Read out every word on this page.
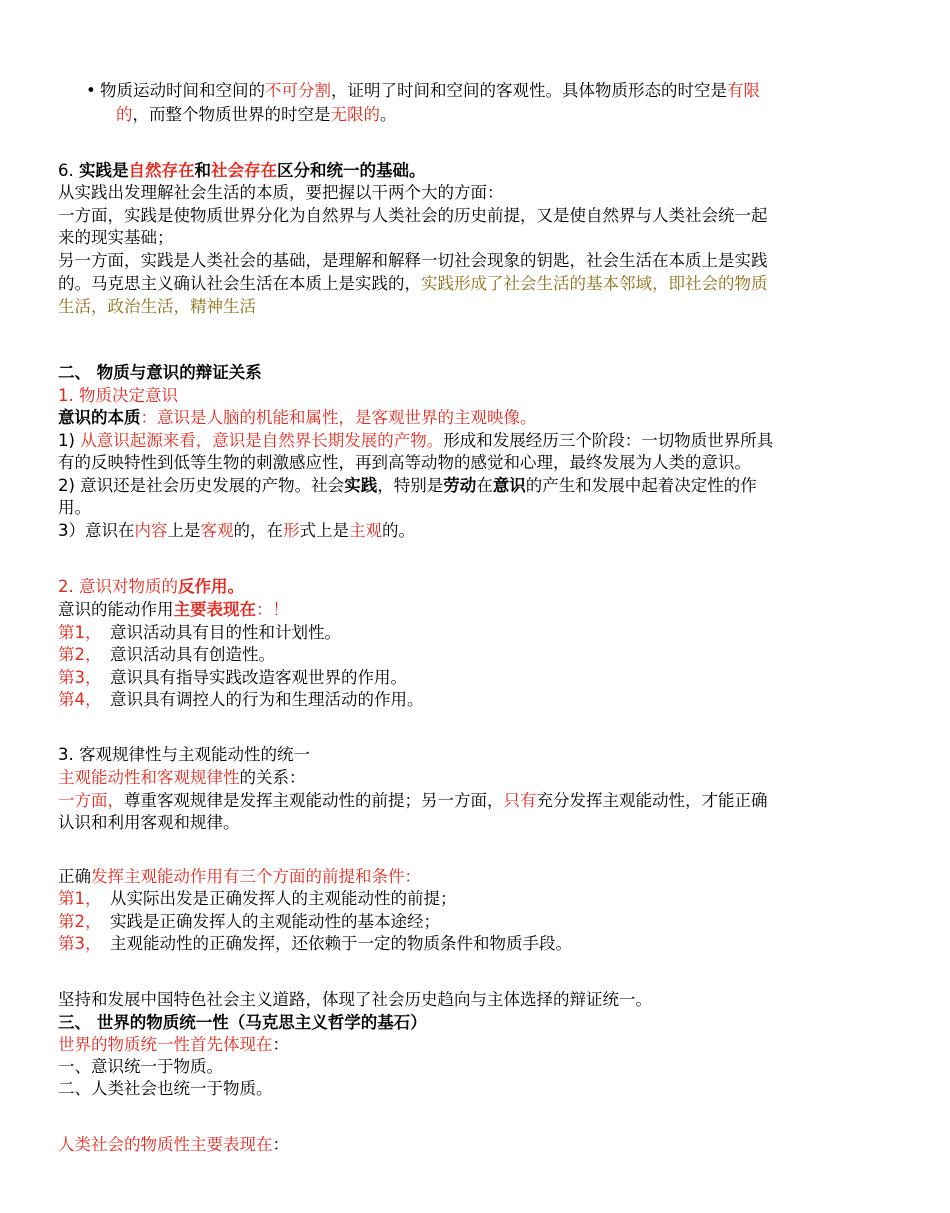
• 物质运动时间和空间的不可分割，证明了时间和空间的客观性。具体物质形态的时空是有限
的，而整个物质世界的时空是无限的。
6. 实践是自然存在和社会存在区分和统一的基础。
从实践出发理解社会生活的本质，要把握以干两个大的方面：
一方面，实践是使物质世界分化为自然界与人类社会的历史前提，又是使自然界与人类社会统一起
来的现实基础；
另一方面，实践是人类社会的基础，是理解和解释一切社会现象的钥匙，社会生活在本质上是实践
的。马克思主义确认社会生活在本质上是实践的，实践形成了社会生活的基本邻域，即社会的物质
生活，政治生活，精神生活
二、 物质与意识的辩证关系
1. 物质决定意识
意识的本质：意识是人脑的机能和属性，是客观世界的主观映像。
1) 从意识起源来看，意识是自然界长期发展的产物。形成和发展经历三个阶段：一切物质世界所具
有的反映特性到低等生物的刺激感应性，再到高等动物的感觉和心理，最终发展为人类的意识。
2) 意识还是社会历史发展的产物。社会实践，特别是劳动在意识的产生和发展中起着决定性的作
用。
3）意识在内容上是客观的，在形式上是主观的。
2. 意识对物质的反作用。
意识的能动作用主要表现在：！
第1， 意识活动具有目的性和计划性。
第2， 意识活动具有创造性。
第3， 意识具有指导实践改造客观世界的作用。
第4， 意识具有调控人的行为和生理活动的作用。
3. 客观规律性与主观能动性的统一
主观能动性和客观规律性的关系：
一方面，尊重客观规律是发挥主观能动性的前提；另一方面，只有充分发挥主观能动性，才能正确
认识和利用客观和规律。
正确发挥主观能动作用有三个方面的前提和条件：
第1， 从实际出发是正确发挥人的主观能动性的前提；
第2， 实践是正确发挥人的主观能动性的基本途经；
第3， 主观能动性的正确发挥，还依赖于一定的物质条件和物质手段。
坚持和发展中国特色社会主义道路，体现了社会历史趋向与主体选择的辩证统一。
三、 世界的物质统一性（马克思主义哲学的基石）
世界的物质统一性首先体现在：
一、意识统一于物质。
二、人类社会也统一于物质。
人类社会的物质性主要表现在：
